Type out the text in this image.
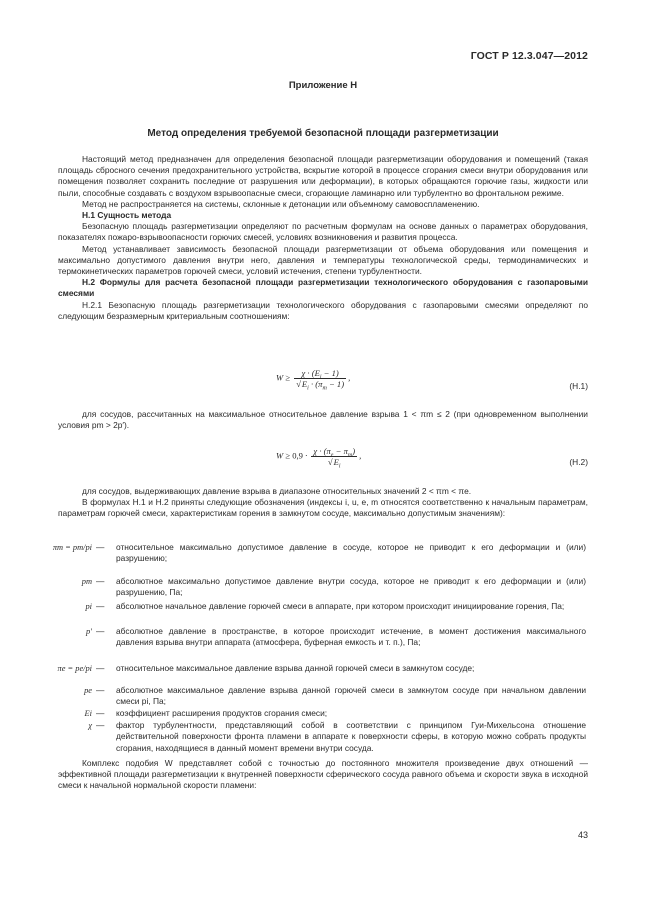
ГОСТ Р 12.3.047—2012
Приложение Н
Метод определения требуемой безопасной площади разгерметизации

Настоящий метод предназначен для определения безопасной площади разгерметизации оборудования и помещений (такая площадь сбросного сечения предохранительного устройства, вскрытие которой в процессе сгорания смеси внутри оборудования или помещения позволяет сохранить последние от разрушения или деформации), в которых обращаются горючие газы, жидкости или пыли, способные создавать с воздухом взрывоопасные смеси, сгорающие ламинарно или турбулентно во фронтальном режиме.

Метод не распространяется на системы, склонные к детонации или объемному самовоспламенению.

Н.1 Сущность метода

Безопасную площадь разгерметизации определяют по расчетным формулам на основе данных о параметрах оборудования, показателях пожаро-взрывоопасности горючих смесей, условиях возникновения и развития процесса.

Метод устанавливает зависимость безопасной площади разгерметизации от объема оборудования или помещения и максимально допустимого давления внутри него, давления и температуры технологической среды, термодинамических и термокинетических параметров горючей смеси, условий истечения, степени турбулентности.

Н.2 Формулы для расчета безопасной площади разгерметизации технологического оборудования с газопаровыми смесями

Н.2.1 Безопасную площадь разгерметизации технологического оборудования с газопаровыми смесями определяют по следующим безразмерным критериальным соотношениям:

$W \ge \frac{\chi \cdot (E_i - 1)}{√E_i \cdot (\pi_m - 1)}$ ,
(Н.1)

для сосудов, рассчитанных на максимальное относительное давление взрыва 1 < πm ≤ 2 (при одновременном выполнении условия pm > 2p′).

$W \ge 0,9 \cdot \frac{\chi \cdot (\pi_e - \pi_m)}{√E_i}$ ,
(Н.2)

для сосудов, выдерживающих давление взрыва в диапазоне относительных значений 2 < πm < πe.

В формулах Н.1 и Н.2 приняты следующие обозначения (индексы i, u, e, m относятся соответственно к начальным параметрам, параметрам горючей смеси, характеристикам горения в замкнутом сосуде, максимально допустимым значениям):

πm = pm/pi — относительное максимально допустимое давление в сосуде, которое не приводит к его деформации и (или) разрушению;
pm — абсолютное максимально допустимое давление внутри сосуда, которое не приводит к его деформации и (или) разрушению, Па;
pi — абсолютное начальное давление горючей смеси в аппарате, при котором происходит инициирование горения, Па;
p′ — абсолютное давление в пространстве, в которое происходит истечение, в момент достижения максимального давления взрыва внутри аппарата (атмосфера, буферная емкость и т. п.), Па;
πe = pe/pi — относительное максимальное давление взрыва данной горючей смеси в замкнутом сосуде;
pe — абсолютное максимальное давление взрыва данной горючей смеси в замкнутом сосуде при начальном давлении смеси pi, Па;
Ei — коэффициент расширения продуктов сгорания смеси;
χ — фактор турбулентности, представляющий собой в соответствии с принципом Гуи-Михельсона отношение действительной поверхности фронта пламени в аппарате к поверхности сферы, в которую можно собрать продукты сгорания, находящиеся в данный момент времени внутри сосуда.

Комплекс подобия W представляет собой с точностью до постоянного множителя произведение двух отношений — эффективной площади разгерметизации к внутренней поверхности сферического сосуда равного объема и скорости звука в исходной смеси к начальной нормальной скорости пламени:

43
